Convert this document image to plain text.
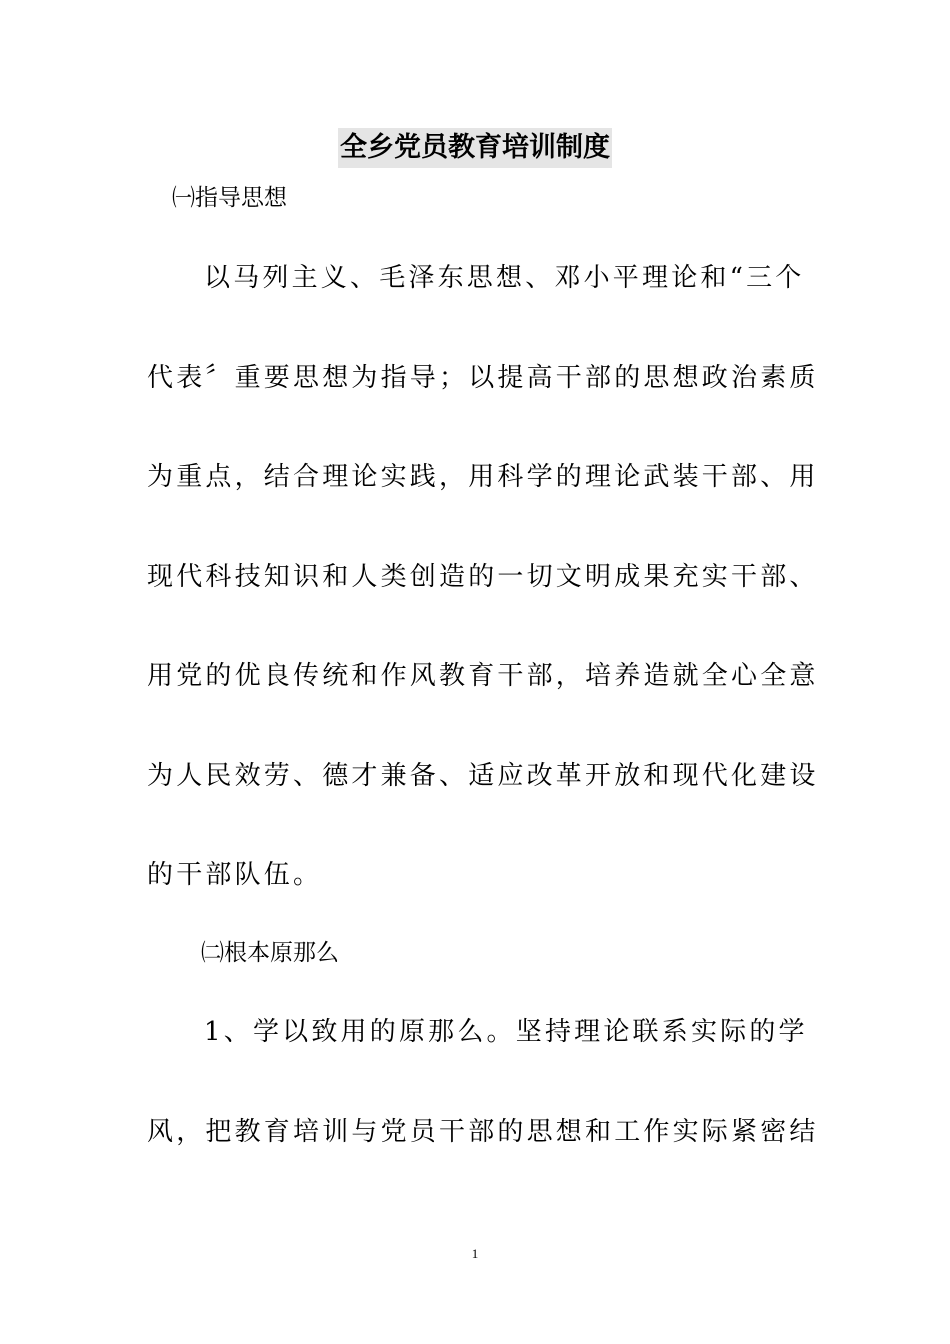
全乡党员教育培训制度
㈠指导思想
以马列主义、毛泽东思想、邓小平理论和“三个
代表〞重要思想为指导；以提高干部的思想政治素质
为重点，结合理论实践，用科学的理论武装干部、用
现代科技知识和人类创造的一切文明成果充实干部、
用党的优良传统和作风教育干部，培养造就全心全意
为人民效劳、德才兼备、适应改革开放和现代化建设
的干部队伍。
㈡根本原那么
1、学以致用的原那么。坚持理论联系实际的学
风，把教育培训与党员干部的思想和工作实际紧密结
1
